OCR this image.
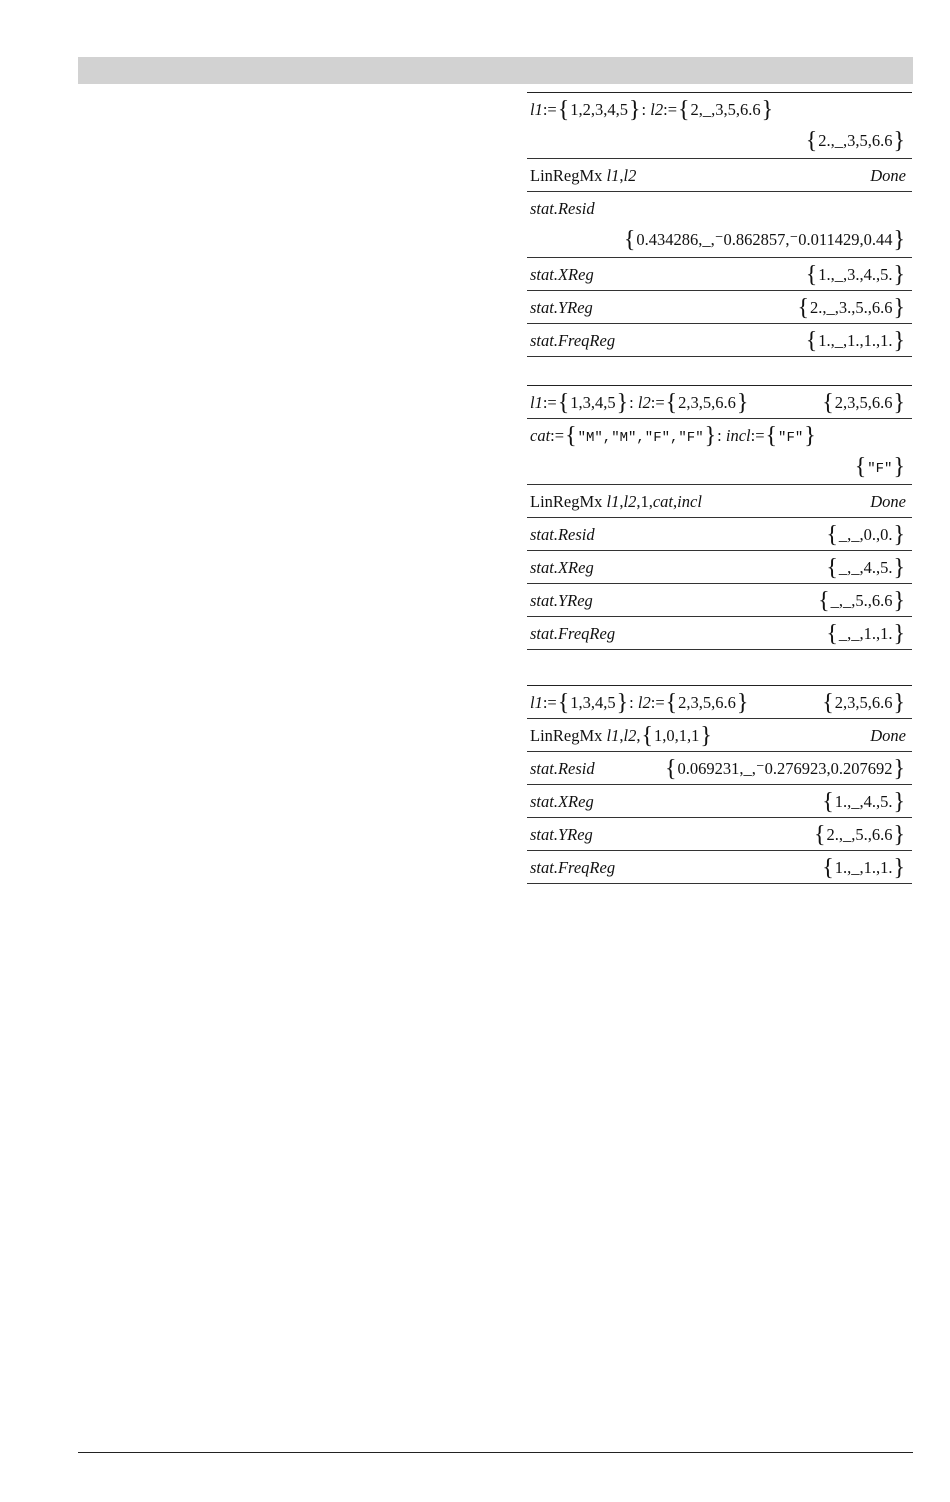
l1:={1,2,3,4,5}: l2:={2,_,3,5,6.6}
{2.,_,3,5,6.6}
LinRegMx l1,l2	Done
stat.Resid
{0.434286,_,⁻0.862857,⁻0.011429,0.44}
stat.XReg	{1.,_,3.,4.,5.}
stat.YReg	{2.,_,3.,5.,6.6}
stat.FreqReg	{1.,_,1.,1.,1.}
l1:={1,3,4,5}: l2:={2,3,5,6.6}	{2,3,5,6.6}
cat:={"M","M","F","F"}: incl:={"F"}
{"F"}
LinRegMx l1,l2,1,cat,incl	Done
stat.Resid	{_,_,0.,0.}
stat.XReg	{_,_,4.,5.}
stat.YReg	{_,_,5.,6.6}
stat.FreqReg	{_,_,1.,1.}
l1:={1,3,4,5}: l2:={2,3,5,6.6}	{2,3,5,6.6}
LinRegMx l1,l2,{1,0,1,1}	Done
stat.Resid	{0.069231,_,⁻0.276923,0.207692}
stat.XReg	{1.,_,4.,5.}
stat.YReg	{2.,_,5.,6.6}
stat.FreqReg	{1.,_,1.,1.}
